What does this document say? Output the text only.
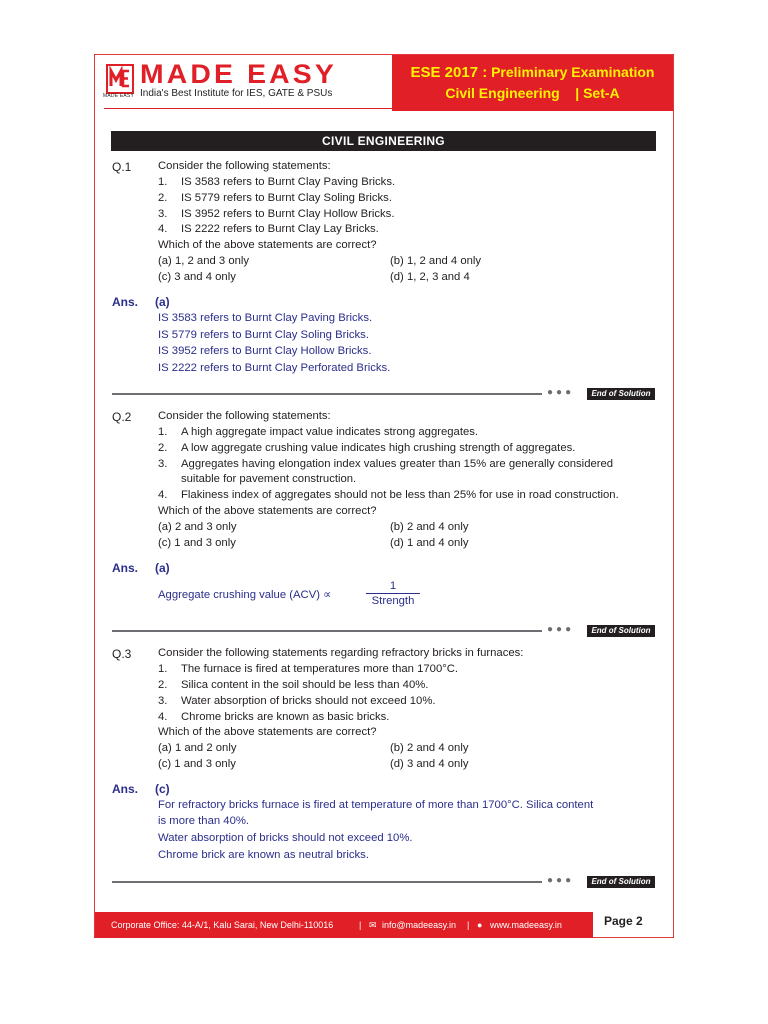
MADE EASY
MADE EASY
India's Best Institute for IES, GATE & PSUs
ESE 2017 : Preliminary Examination
Civil Engineering | Set-A
CIVIL ENGINEERING
Q.1 Consider the following statements:
1. IS 3583 refers to Burnt Clay Paving Bricks.
2. IS 5779 refers to Burnt Clay Soling Bricks.
3. IS 3952 refers to Burnt Clay Hollow Bricks.
4. IS 2222 refers to Burnt Clay Lay Bricks.
Which of the above statements are correct?
(a) 1, 2 and 3 only	(b) 1, 2 and 4 only
(c) 3 and 4 only	(d) 1, 2, 3 and 4
Ans. (a)
IS 3583 refers to Burnt Clay Paving Bricks.
IS 5779 refers to Burnt Clay Soling Bricks.
IS 3952 refers to Burnt Clay Hollow Bricks.
IS 2222 refers to Burnt Clay Perforated Bricks.
●●●	End of Solution
Q.2 Consider the following statements:
1. A high aggregate impact value indicates strong aggregates.
2. A low aggregate crushing value indicates high crushing strength of aggregates.
3. Aggregates having elongation index values greater than 15% are generally considered
suitable for pavement construction.
4. Flakiness index of aggregates should not be less than 25% for use in road construction.
Which of the above statements are correct?
(a) 2 and 3 only	(b) 2 and 4 only
(c) 1 and 3 only	(d) 1 and 4 only
Ans. (a)
Aggregate crushing value (ACV) ∝
1
Strength
●●●	End of Solution
Q.3 Consider the following statements regarding refractory bricks in furnaces:
1. The furnace is fired at temperatures more than 1700°C.
2. Silica content in the soil should be less than 40%.
3. Water absorption of bricks should not exceed 10%.
4. Chrome bricks are known as basic bricks.
Which of the above statements are correct?
(a) 1 and 2 only	(b) 2 and 4 only
(c) 1 and 3 only	(d) 3 and 4 only
Ans. (c)
For refractory bricks furnace is fired at temperature of more than 1700°C. Silica content
is more than 40%.
Water absorption of bricks should not exceed 10%.
Chrome brick are known as neutral bricks.
●●●	End of Solution
Corporate Office: 44-A/1, Kalu Sarai, New Delhi-110016	| ✉ info@madeeasy.in | ● www.madeeasy.in	Page 2
